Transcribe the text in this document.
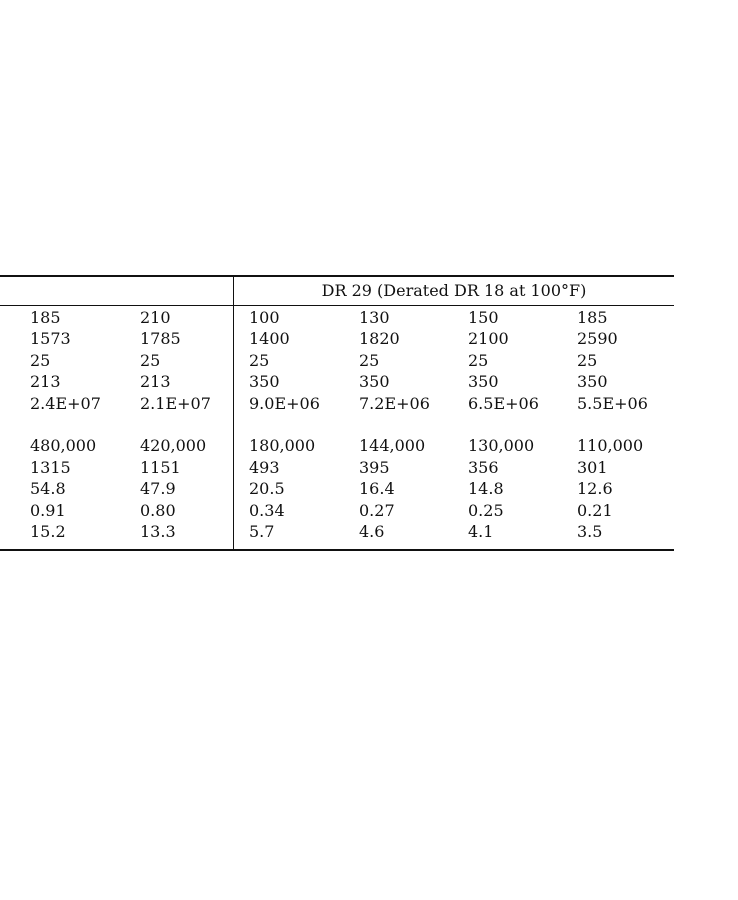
DR 29 (Derated DR 18 at 100°F)
185	210	100	130	150	185
1573	1785	1400	1820	2100	2590
25	25	25	25	25	25
213	213	350	350	350	350
2.4E+07 2.1E+07 9.0E+06 7.2E+06 6.5E+06 5.5E+06
480,000	420,000	180,000	144,000	130,000	110,000
1315	1151	493	395	356	301
54.8	47.9	20.5	16.4	14.8	12.6
0.91	0.80	0.34	0.27	0.25	0.21
15.2	13.3	5.7	4.6	4.1	3.5
